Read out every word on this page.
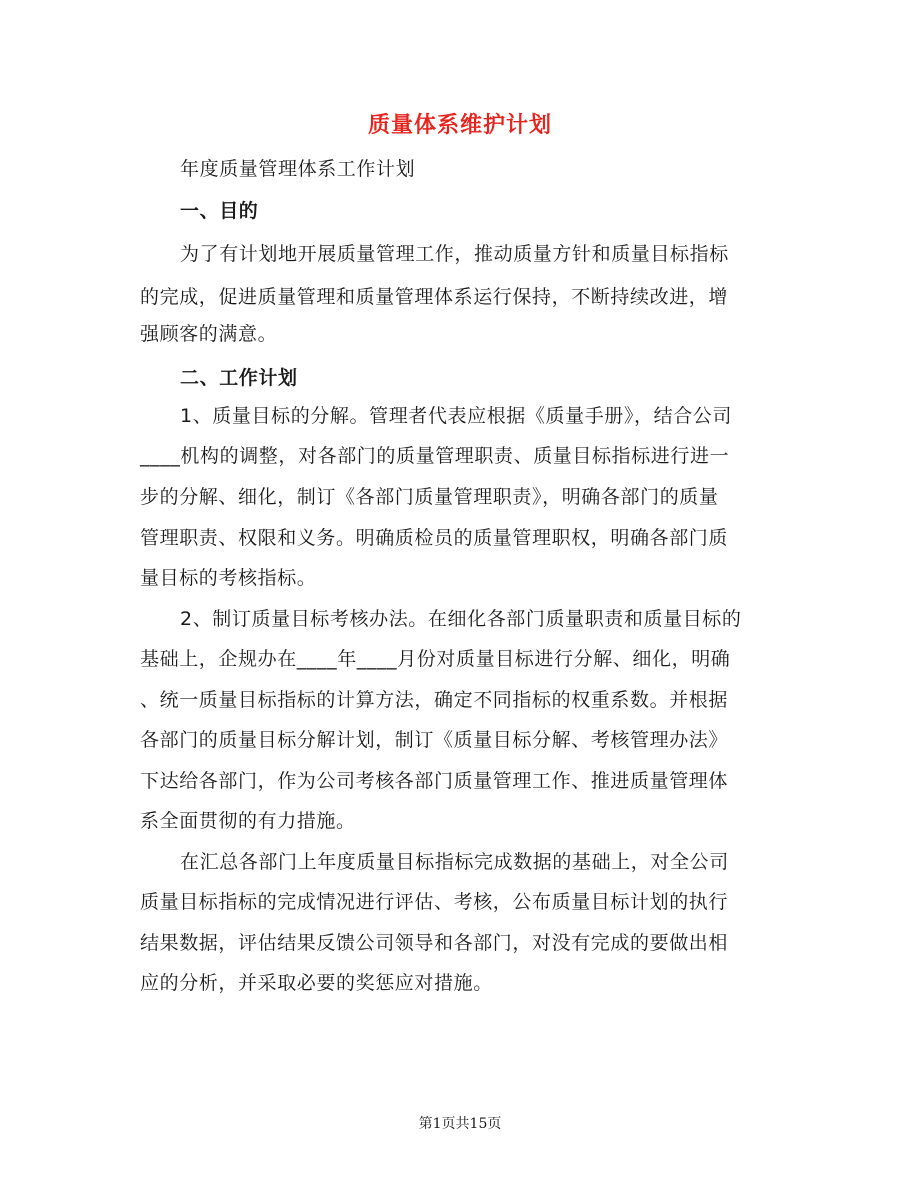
质量体系维护计划
年度质量管理体系工作计划
一、目的
为了有计划地开展质量管理工作，推动质量方针和质量目标指标
的完成，促进质量管理和质量管理体系运行保持，不断持续改进，增
强顾客的满意。
二、工作计划
1、质量目标的分解。管理者代表应根据《质量手册》，结合公司
____机构的调整，对各部门的质量管理职责、质量目标指标进行进一
步的分解、细化，制订《各部门质量管理职责》，明确各部门的质量
管理职责、权限和义务。明确质检员的质量管理职权，明确各部门质
量目标的考核指标。
2、制订质量目标考核办法。在细化各部门质量职责和质量目标的
基础上，企规办在____年____月份对质量目标进行分解、细化，明确
、统一质量目标指标的计算方法，确定不同指标的权重系数。并根据
各部门的质量目标分解计划，制订《质量目标分解、考核管理办法》
下达给各部门，作为公司考核各部门质量管理工作、推进质量管理体
系全面贯彻的有力措施。
在汇总各部门上年度质量目标指标完成数据的基础上，对全公司
质量目标指标的完成情况进行评估、考核，公布质量目标计划的执行
结果数据，评估结果反馈公司领导和各部门，对没有完成的要做出相
应的分析，并采取必要的奖惩应对措施。
第1页共15页
